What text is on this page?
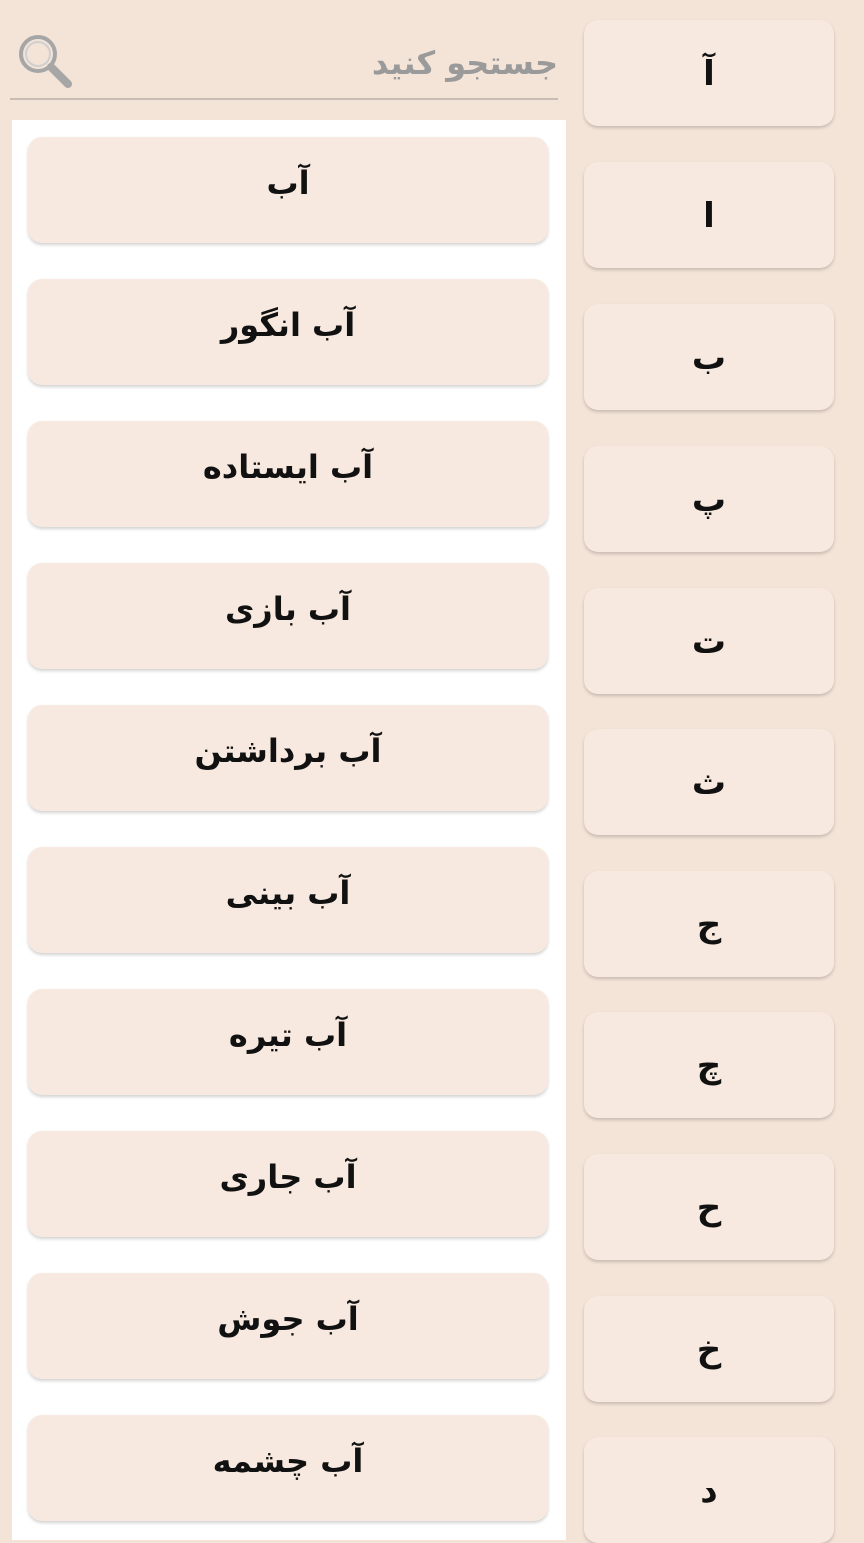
جستجو کنید
آب
آب انگور
آب ایستاده
آب بازی
آب برداشتن
آب بینی
آب تیره
آب جاری
آب جوش
آب چشمه
آ
ا
ب
پ
ت
ث
ج
چ
ح
خ
د
